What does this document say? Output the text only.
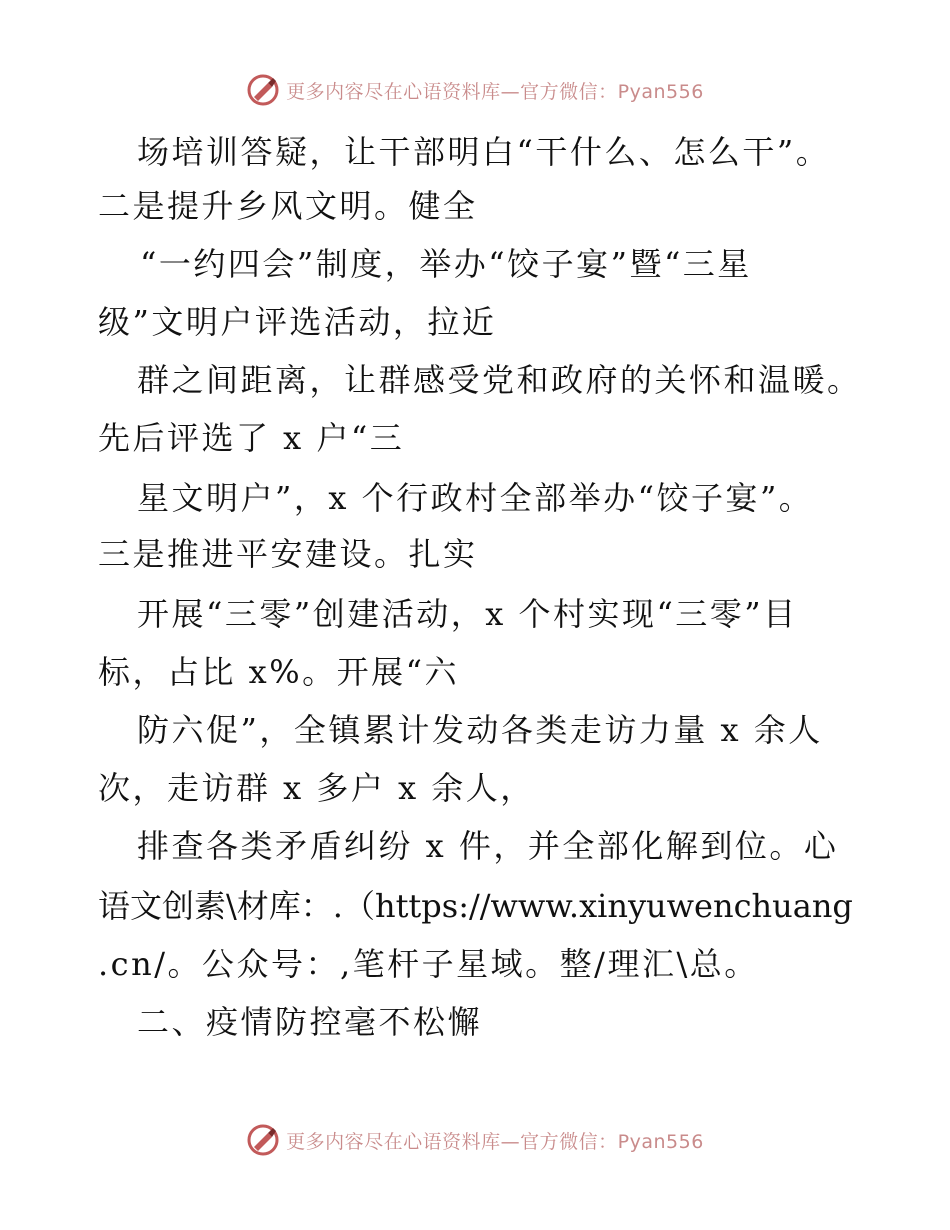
更多内容尽在心语资料库—官方微信：Pyan556
场培训答疑，让干部明白“干什么、怎么干”。
二是提升乡风文明。健全
“一约四会”制度，举办“饺子宴”暨“三星
级”文明户评选活动，拉近
群之间距离，让群感受党和政府的关怀和温暖。
先后评选了 x 户“三
星文明户”，x 个行政村全部举办“饺子宴”。
三是推进平安建设。扎实
开展“三零”创建活动，x 个村实现“三零”目
标，占比 x%。开展“六
防六促”，全镇累计发动各类走访力量 x 余人
次，走访群 x 多户 x 余人，
排查各类矛盾纠纷 x 件，并全部化解到位。心
语文创素\材库：.（https://www.xinyuwenchuang
.cn/。公众号：,笔杆子星域。整/理汇\总。
二、疫情防控毫不松懈
更多内容尽在心语资料库—官方微信：Pyan556
